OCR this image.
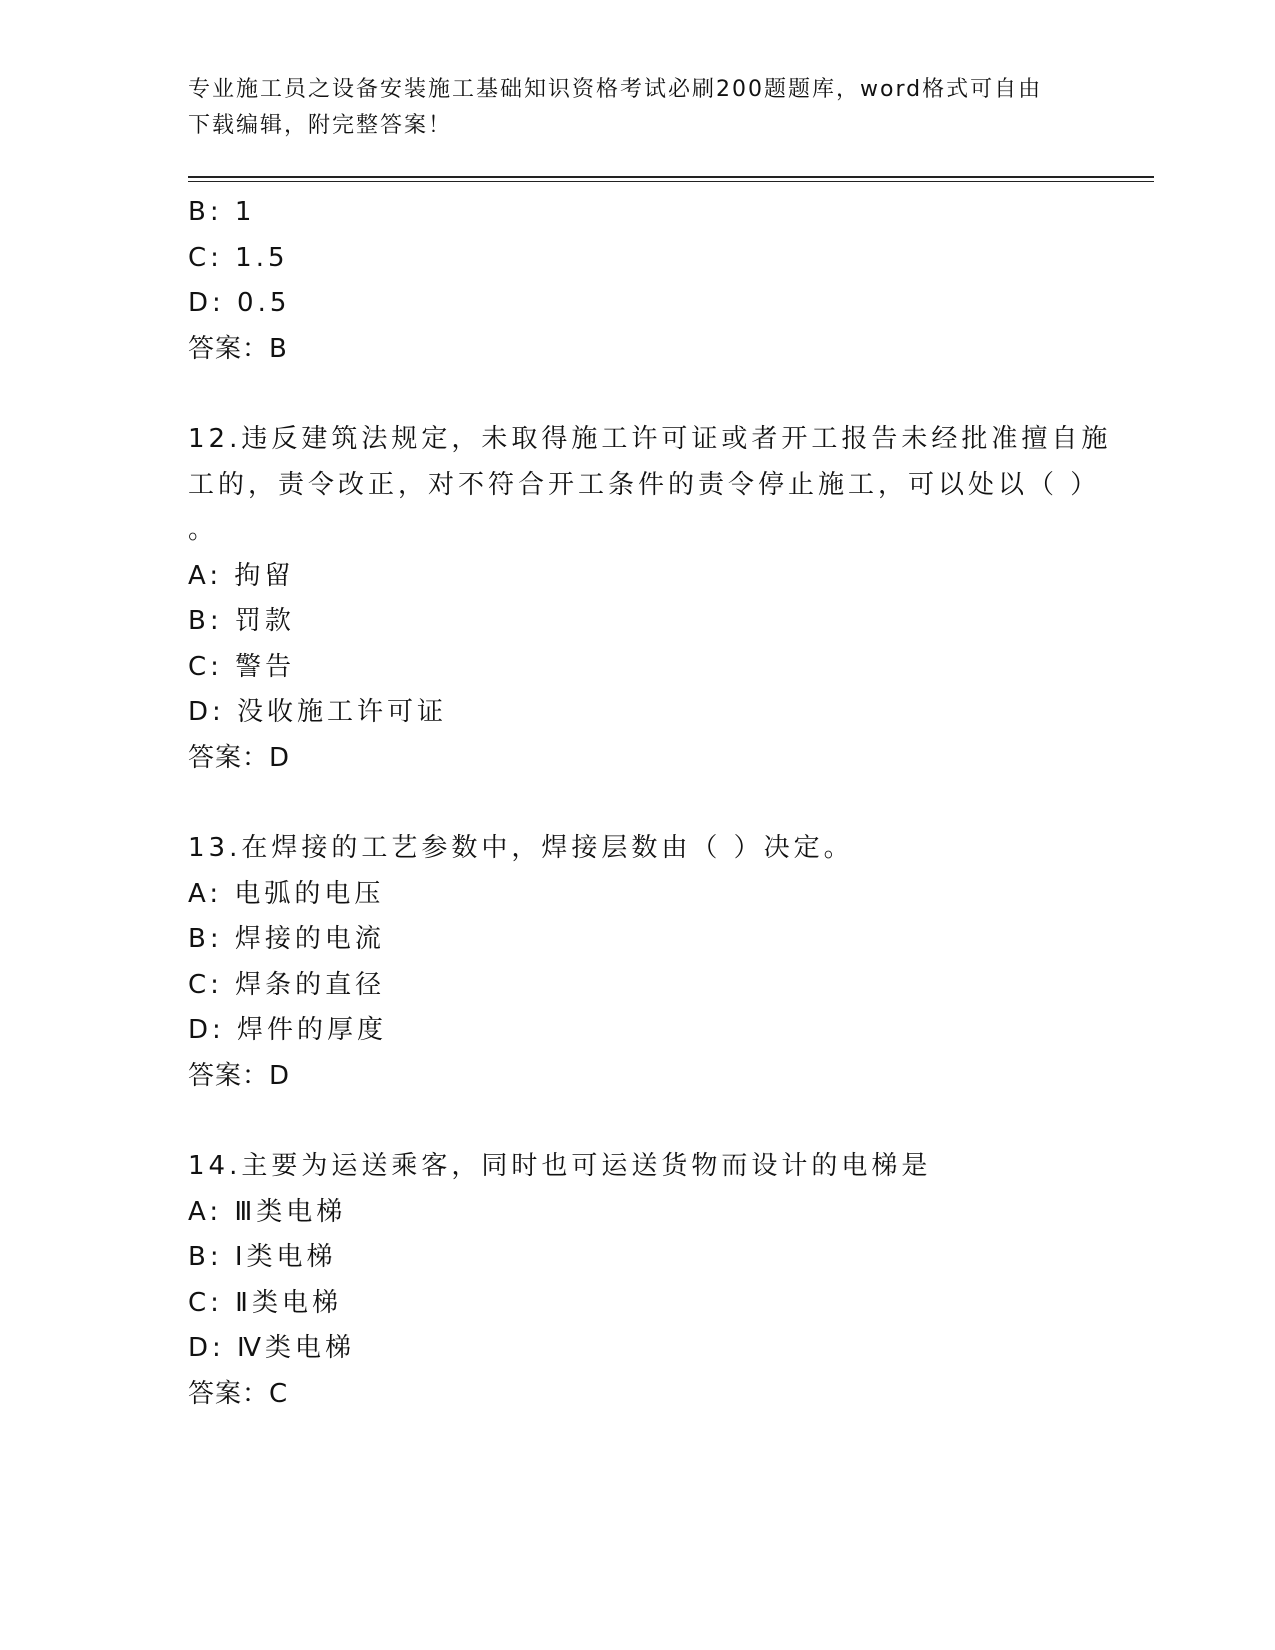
专业施工员之设备安装施工基础知识资格考试必刷200题题库，word格式可自由
下载编辑，附完整答案！
B: 1
C: 1.5
D: 0.5
答案：B
12.违反建筑法规定，未取得施工许可证或者开工报告未经批准擅自施
工的，责令改正，对不符合开工条件的责令停止施工，可以处以（ ）
。
A: 拘留
B: 罚款
C: 警告
D: 没收施工许可证
答案：D
13.在焊接的工艺参数中，焊接层数由（ ）决定。
A: 电弧的电压
B: 焊接的电流
C: 焊条的直径
D: 焊件的厚度
答案：D
14.主要为运送乘客，同时也可运送货物而设计的电梯是
A: Ⅲ类电梯
B: Ⅰ类电梯
C: Ⅱ类电梯
D: Ⅳ类电梯
答案：C
